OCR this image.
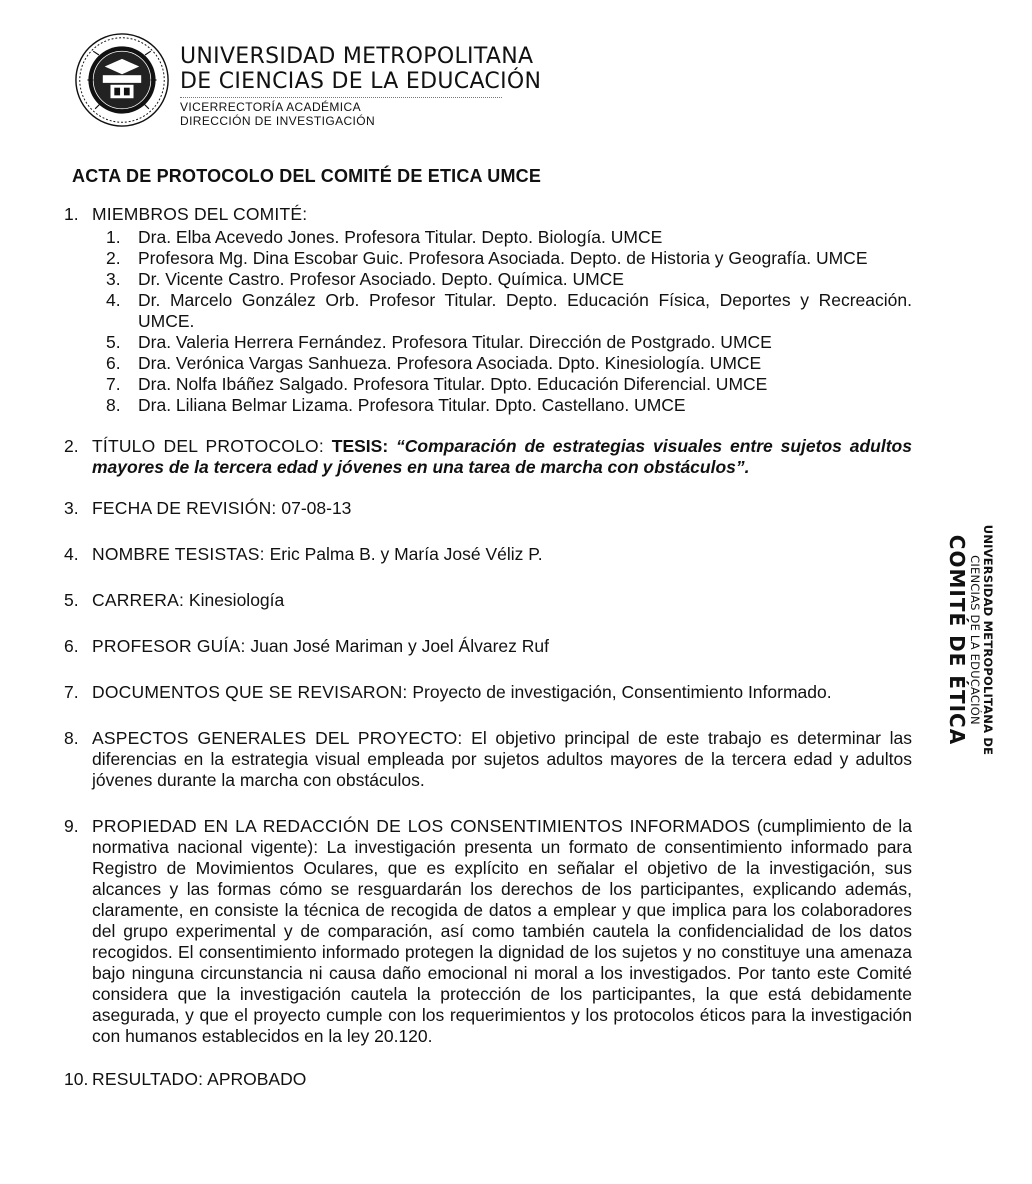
UNIVERSIDAD METROPOLITANA
DE CIENCIAS DE LA EDUCACIÓN
VICERRECTORÍA ACADÉMICA
DIRECCIÓN DE INVESTIGACIÓN
ACTA DE PROTOCOLO DEL COMITÉ DE ETICA UMCE
1. MIEMBROS DEL COMITÉ:
1. Dra. Elba Acevedo Jones. Profesora Titular. Depto. Biología. UMCE
2. Profesora Mg. Dina Escobar Guic. Profesora Asociada. Depto. de Historia y Geografía. UMCE
3. Dr. Vicente Castro. Profesor Asociado. Depto. Química. UMCE
4. Dr. Marcelo González Orb. Profesor Titular. Depto. Educación Física, Deportes y Recreación. UMCE.
5. Dra. Valeria Herrera Fernández. Profesora Titular. Dirección de Postgrado. UMCE
6. Dra. Verónica Vargas Sanhueza. Profesora Asociada. Dpto. Kinesiología. UMCE
7. Dra. Nolfa Ibáñez Salgado. Profesora Titular. Dpto. Educación Diferencial. UMCE
8. Dra. Liliana Belmar Lizama. Profesora Titular. Dpto. Castellano. UMCE
2. TÍTULO DEL PROTOCOLO: TESIS: “Comparación de estrategias visuales entre sujetos adultos mayores de la tercera edad y jóvenes en una tarea de marcha con obstáculos”.
3. FECHA DE REVISIÓN: 07-08-13
4. NOMBRE TESISTAS: Eric Palma B. y María José Véliz P.
5. CARRERA: Kinesiología
6. PROFESOR GUÍA: Juan José Mariman y Joel Álvarez Ruf
7. DOCUMENTOS QUE SE REVISARON: Proyecto de investigación, Consentimiento Informado.
8. ASPECTOS GENERALES DEL PROYECTO: El objetivo principal de este trabajo es determinar las diferencias en la estrategia visual empleada por sujetos adultos mayores de la tercera edad y adultos jóvenes durante la marcha con obstáculos.
9. PROPIEDAD EN LA REDACCIÓN DE LOS CONSENTIMIENTOS INFORMADOS (cumplimiento de la normativa nacional vigente): La investigación presenta un formato de consentimiento informado para Registro de Movimientos Oculares, que es explícito en señalar el objetivo de la investigación, sus alcances y las formas cómo se resguardarán los derechos de los participantes, explicando además, claramente, en consiste la técnica de recogida de datos a emplear y que implica para los colaboradores del grupo experimental y de comparación, así como también cautela la confidencialidad de los datos recogidos. El consentimiento informado protegen la dignidad de los sujetos y no constituye una amenaza bajo ninguna circunstancia ni causa daño emocional ni moral a los investigados. Por tanto este Comité considera que la investigación cautela la protección de los participantes, la que está debidamente asegurada, y que el proyecto cumple con los requerimientos y los protocolos éticos para la investigación con humanos establecidos en la ley 20.120.
10. RESULTADO: APROBADO
UNIVERSIDAD METROPOLITANA DE
CIENCIAS DE LA EDUCACIÓN
COMITÉ DE ÉTICA
